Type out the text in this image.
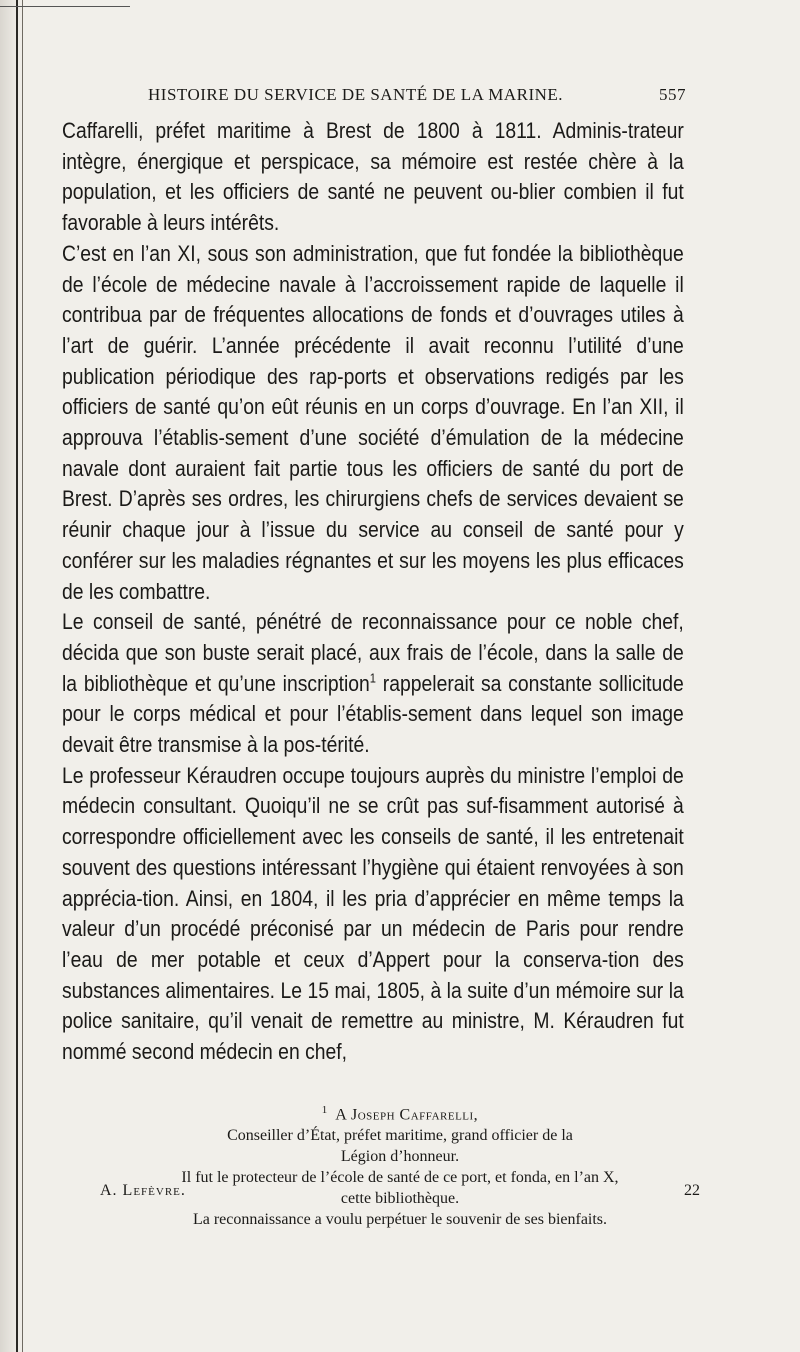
HISTOIRE DU SERVICE DE SANTÉ DE LA MARINE.	557

Caffarelli, préfet maritime à Brest de 1800 à 1811. Adminis-trateur intègre, énergique et perspicace, sa mémoire est restée chère à la population, et les officiers de santé ne peuvent ou-blier combien il fut favorable à leurs intérêts.

C’est en l’an XI, sous son administration, que fut fondée la bibliothèque de l’école de médecine navale à l’accroissement rapide de laquelle il contribua par de fréquentes allocations de fonds et d’ouvrages utiles à l’art de guérir. L’année précédente il avait reconnu l’utilité d’une publication périodique des rap-ports et observations redigés par les officiers de santé qu’on eût réunis en un corps d’ouvrage. En l’an XII, il approuva l’établis-sement d’une société d’émulation de la médecine navale dont auraient fait partie tous les officiers de santé du port de Brest. D’après ses ordres, les chirurgiens chefs de services devaient se réunir chaque jour à l’issue du service au conseil de santé pour y conférer sur les maladies régnantes et sur les moyens les plus efficaces de les combattre.

Le conseil de santé, pénétré de reconnaissance pour ce noble chef, décida que son buste serait placé, aux frais de l’école, dans la salle de la bibliothèque et qu’une inscription$^1$ rappelerait sa constante sollicitude pour le corps médical et pour l’établis-sement dans lequel son image devait être transmise à la pos-térité.

Le professeur Kéraudren occupe toujours auprès du ministre l’emploi de médecin consultant. Quoiqu’il ne se crût pas suf-fisamment autorisé à correspondre officiellement avec les conseils de santé, il les entretenait souvent des questions intéressant l’hygiène qui étaient renvoyées à son apprécia-tion. Ainsi, en 1804, il les pria d’apprécier en même temps la valeur d’un procédé préconisé par un médecin de Paris pour rendre l’eau de mer potable et ceux d’Appert pour la conserva-tion des substances alimentaires. Le 15 mai, 1805, à la suite d’un mémoire sur la police sanitaire, qu’il venait de remettre au ministre, M. Kéraudren fut nommé second médecin en chef,

$^1$ A Joseph Caffarelli,
Conseiller d’État, préfet maritime, grand officier de la
Légion d’honneur.
Il fut le protecteur de l’école de santé de ce port, et fonda, en l’an X,
cette bibliothèque.
La reconnaissance a voulu perpétuer le souvenir de ses bienfaits.
A. Lefèvre.	22
